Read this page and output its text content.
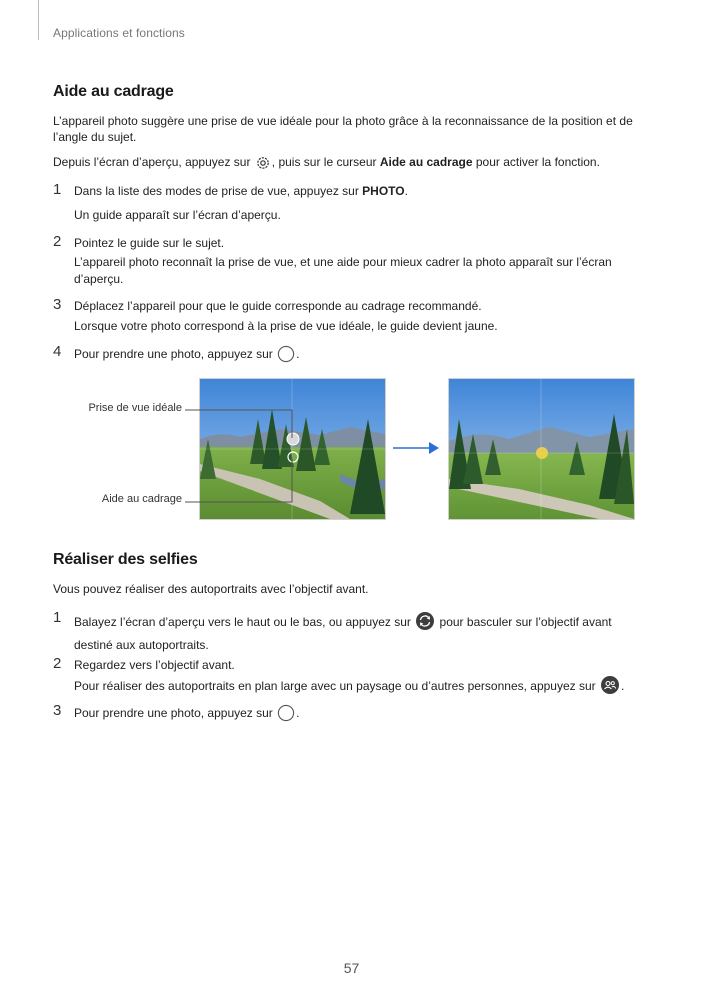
Applications et fonctions
Aide au cadrage
L’appareil photo suggère une prise de vue idéale pour la photo grâce à la reconnaissance de la position et de l’angle du sujet.
Depuis l’écran d’aperçu, appuyez sur , puis sur le curseur Aide au cadrage pour activer la fonction.
1 Dans la liste des modes de prise de vue, appuyez sur PHOTO.
Un guide apparaît sur l’écran d’aperçu.
2 Pointez le guide sur le sujet.
L’appareil photo reconnaît la prise de vue, et une aide pour mieux cadrer la photo apparaît sur l’écran d’aperçu.
3 Déplacez l’appareil pour que le guide corresponde au cadrage recommandé.
Lorsque votre photo correspond à la prise de vue idéale, le guide devient jaune.
4 Pour prendre une photo, appuyez sur .
Prise de vue idéale
Aide au cadrage
Réaliser des selfies
Vous pouvez réaliser des autoportraits avec l’objectif avant.
1 Balayez l’écran d’aperçu vers le haut ou le bas, ou appuyez sur  pour basculer sur l’objectif avant
destiné aux autoportraits.
2 Regardez vers l’objectif avant.
Pour réaliser des autoportraits en plan large avec un paysage ou d’autres personnes, appuyez sur .
3 Pour prendre une photo, appuyez sur .
57
